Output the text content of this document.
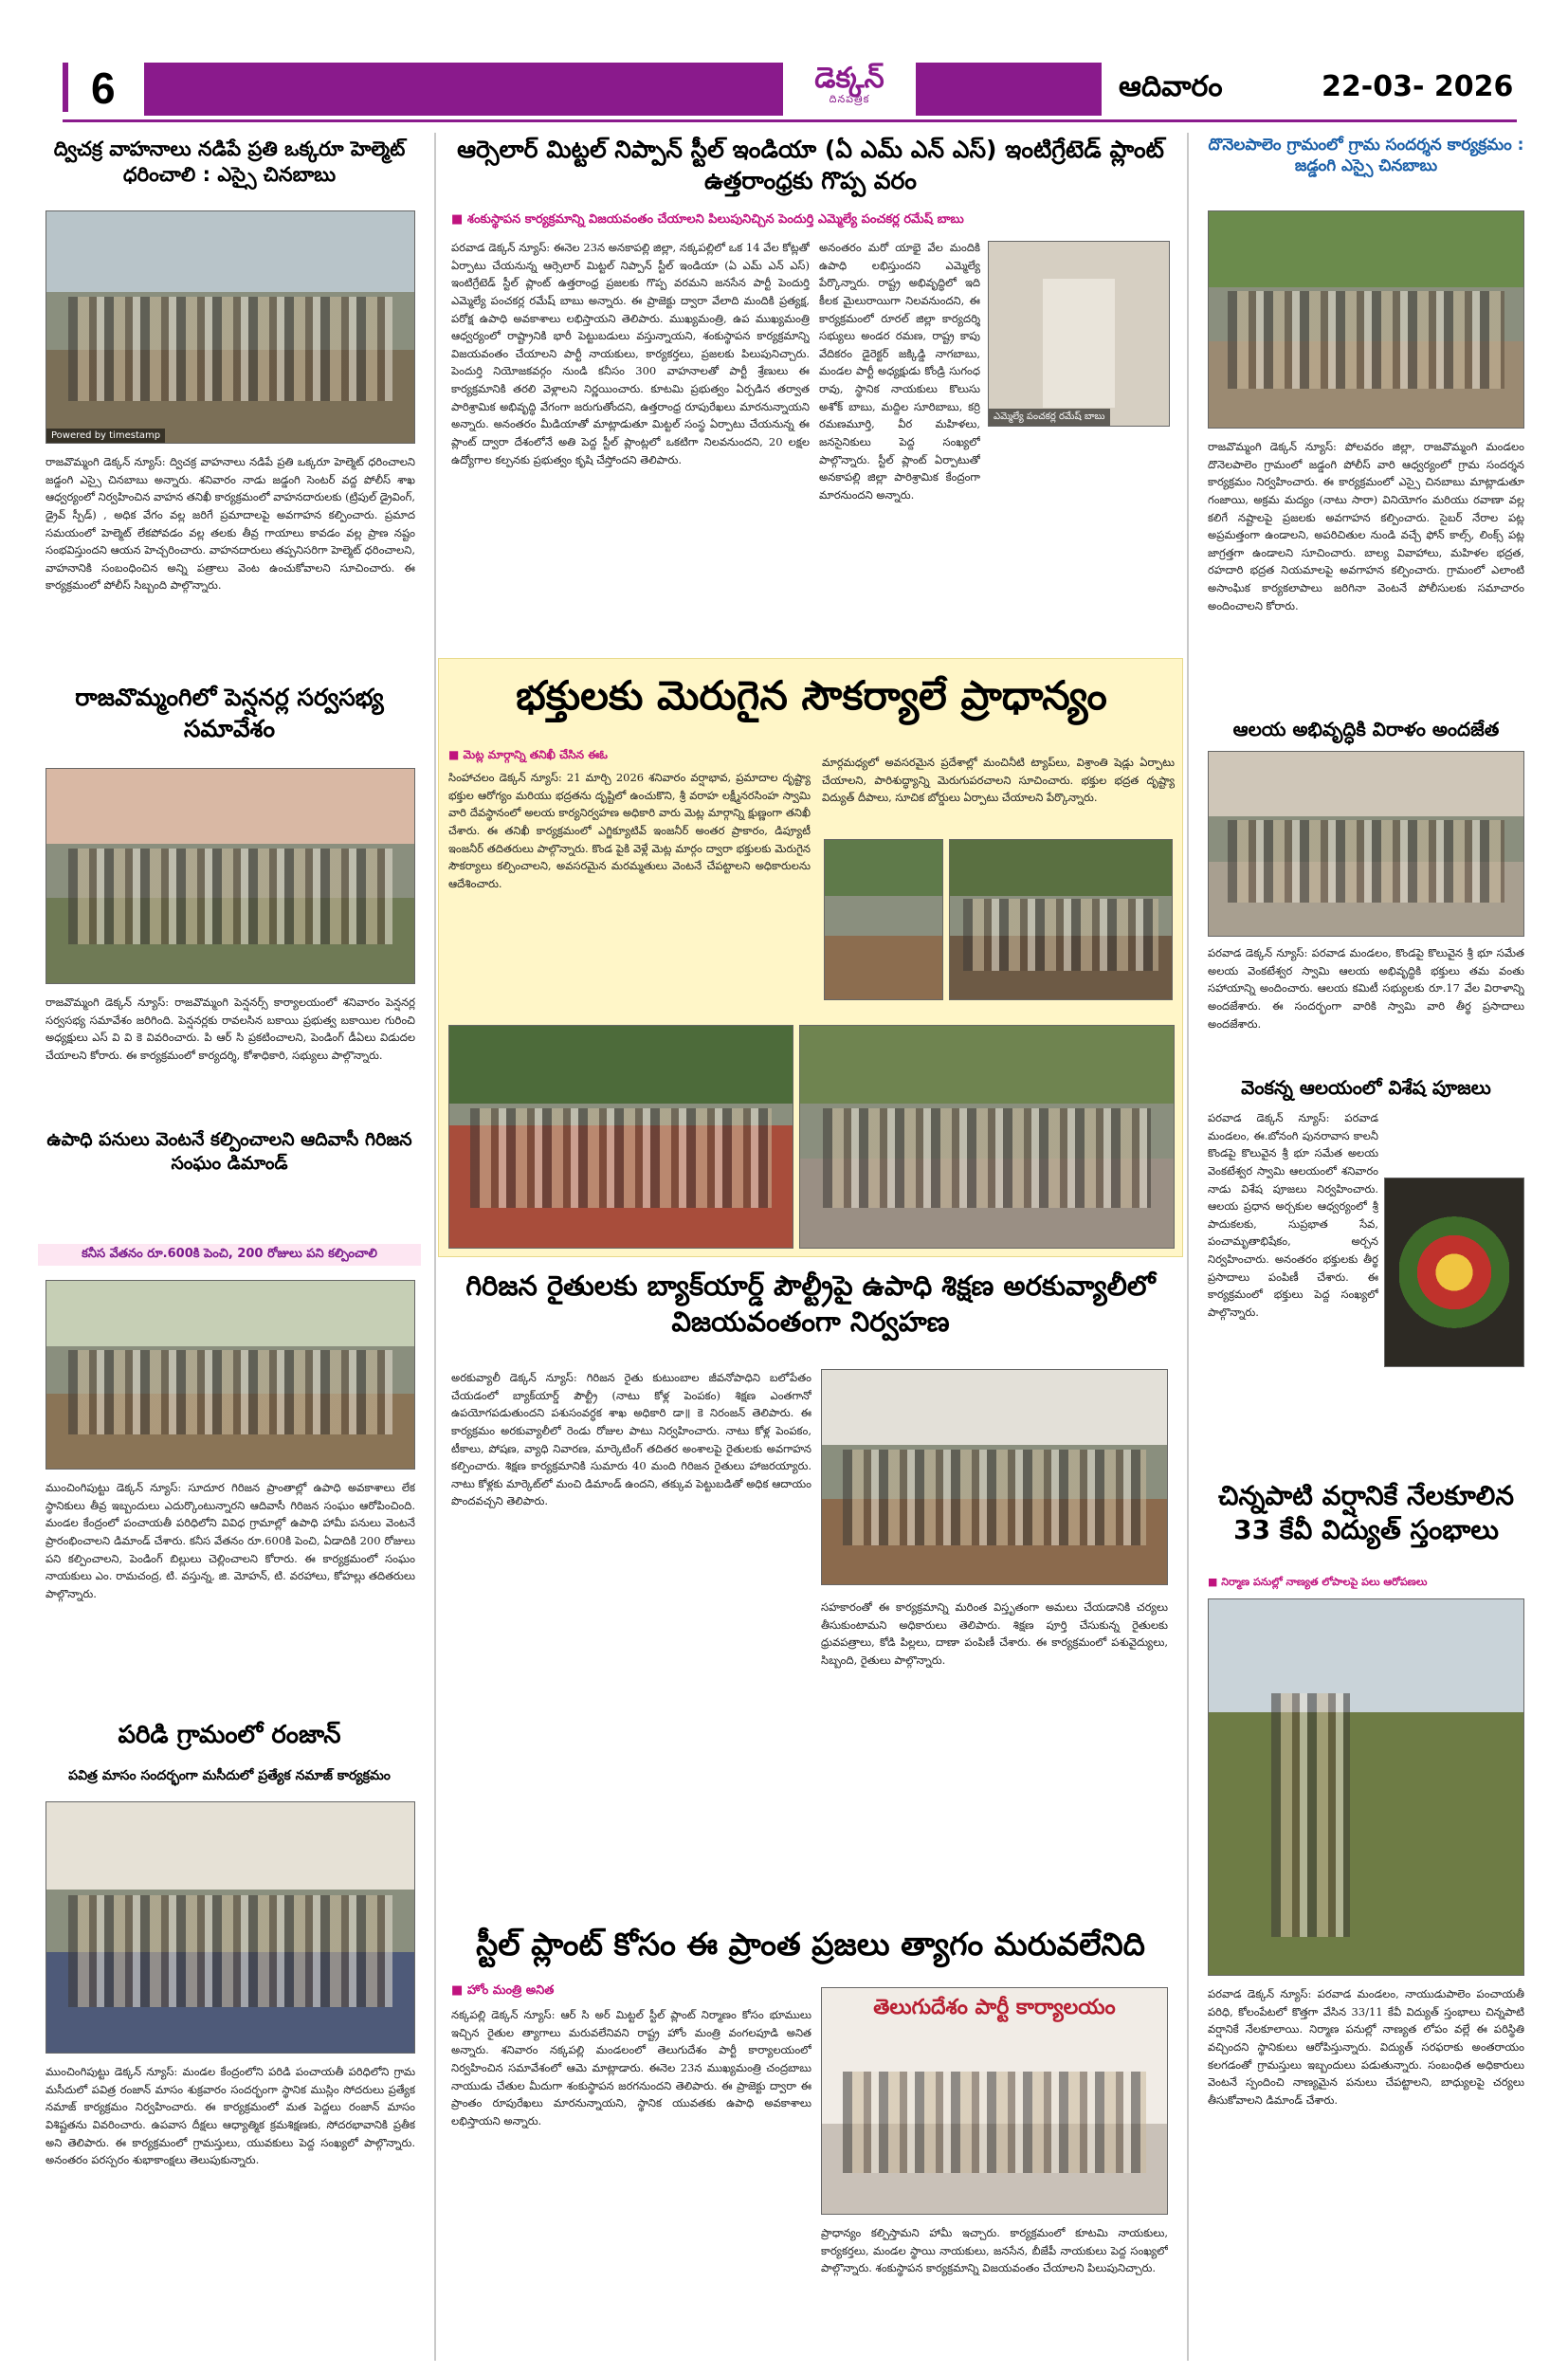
6	డెక్కన్
దినపత్రిక	ఆదివారం	22-03- 2026
ద్విచక్ర వాహనాలు నడిపే ప్రతి ఒక్కరూ హెల్మెట్ ధరించాలి : ఎస్సై చినబాబు
Powered by timestamp
రాజవొమ్మంగి డెక్కన్ న్యూస్: ద్విచక్ర వాహనాలు నడిపే ప్రతి ఒక్కరూ హెల్మెట్ ధరించాలని జడ్డంగి ఎస్సై చినబాబు అన్నారు. శనివారం నాడు జడ్డంగి సెంటర్ వద్ద పోలీస్ శాఖ ఆధ్వర్యంలో నిర్వహించిన వాహన తనిఖీ కార్యక్రమంలో వాహనదారులకు (ట్రిపుల్ డ్రైవింగ్, డ్రైవ్ స్పీడ్) , అధిక వేగం వల్ల జరిగే ప్రమాదాలపై అవగాహన కల్పించారు. ప్రమాద సమయంలో హెల్మెట్ లేకపోవడం వల్ల తలకు తీవ్ర గాయాలు కావడం వల్ల ప్రాణ నష్టం సంభవిస్తుందని ఆయన హెచ్చరించారు. వాహనదారులు తప్పనిసరిగా హెల్మెట్ ధరించాలని, వాహనానికి సంబంధించిన అన్ని పత్రాలు వెంట ఉంచుకోవాలని సూచించారు. ఈ కార్యక్రమంలో పోలీస్ సిబ్బంది పాల్గొన్నారు.
రాజవొమ్మంగిలో పెన్షనర్ల సర్వసభ్య సమావేశం
రాజవొమ్మంగి డెక్కన్ న్యూస్: రాజవొమ్మంగి పెన్షనర్స్ కార్యాలయంలో శనివారం పెన్షనర్ల సర్వసభ్య సమావేశం జరిగింది. పెన్షనర్లకు రావలసిన బకాయి ప్రభుత్వ బకాయిల గురించి అధ్యక్షులు ఎస్ వి వి కె వివరించారు. పి ఆర్ సి ప్రకటించాలని, పెండింగ్ డీఏలు విడుదల చేయాలని కోరారు. ఈ కార్యక్రమంలో కార్యదర్శి, కోశాధికారి, సభ్యులు పాల్గొన్నారు.
ఉపాధి పనులు వెంటనే కల్పించాలని ఆదివాసీ గిరిజన సంఘం డిమాండ్
కనీస వేతనం రూ.600కి పెంచి, 200 రోజులు పని కల్పించాలి
ముంచింగిపుట్టు డెక్కన్ న్యూస్: సూదూర గిరిజన ప్రాంతాల్లో ఉపాధి అవకాశాలు లేక స్థానికులు తీవ్ర ఇబ్బందులు ఎదుర్కొంటున్నారని ఆదివాసీ గిరిజన సంఘం ఆరోపించింది. మండల కేంద్రంలో పంచాయతీ పరిధిలోని వివిధ గ్రామాల్లో ఉపాధి హామీ పనులు వెంటనే ప్రారంభించాలని డిమాండ్ చేశారు. కనీస వేతనం రూ.600కి పెంచి, ఏడాదికి 200 రోజులు పని కల్పించాలని, పెండింగ్ బిల్లులు చెల్లించాలని కోరారు. ఈ కార్యక్రమంలో సంఘం నాయకులు ఎం. రామచంద్ర, టి. వస్తున్న, జి. మోహన్, టి. వరహాలు, కోహల్లు తదితరులు పాల్గొన్నారు.
పరిడి గ్రామంలో రంజాన్
పవిత్ర మాసం సందర్భంగా మసీదులో ప్రత్యేక నమాజ్ కార్యక్రమం
ముంచింగిపుట్టు డెక్కన్ న్యూస్: మండల కేంద్రంలోని పరిడి పంచాయతీ పరిధిలోని గ్రామ మసీదులో పవిత్ర రంజాన్ మాసం శుక్రవారం సందర్భంగా స్థానిక ముస్లిం సోదరులు ప్రత్యేక నమాజ్ కార్యక్రమం నిర్వహించారు. ఈ కార్యక్రమంలో మత పెద్దలు రంజాన్ మాసం విశిష్టతను వివరించారు. ఉపవాస దీక్షలు ఆధ్యాత్మిక క్రమశిక్షణకు, సోదరభావానికి ప్రతీక అని తెలిపారు. ఈ కార్యక్రమంలో గ్రామస్తులు, యువకులు పెద్ద సంఖ్యలో పాల్గొన్నారు. అనంతరం పరస్పరం శుభాకాంక్షలు తెలుపుకున్నారు.
ఆర్సెలార్ మిట్టల్ నిప్పాన్ స్టీల్ ఇండియా (ఏ ఎమ్ ఎన్ ఎస్) ఇంటిగ్రేటెడ్ ప్లాంట్ ఉత్తరాంధ్రకు గొప్ప వరం
■ శంకుస్థాపన కార్యక్రమాన్ని విజయవంతం చేయాలని పిలుపునిచ్చిన పెందుర్తి ఎమ్మెల్యే పంచకర్ల రమేష్ బాబు
పరవాడ డెక్కన్ న్యూస్: ఈనెల 23న అనకాపల్లి జిల్లా, నక్కపల్లిలో ఒక 14 వేల కోట్లతో ఏర్పాటు చేయనున్న ఆర్సెలార్ మిట్టల్ నిప్పాన్ స్టీల్ ఇండియా (ఏ ఎమ్ ఎన్ ఎస్) ఇంటిగ్రేటెడ్ స్టీల్ ప్లాంట్ ఉత్తరాంధ్ర ప్రజలకు గొప్ప వరమని జనసేన పార్టీ పెందుర్తి ఎమ్మెల్యే పంచకర్ల రమేష్ బాబు అన్నారు. ఈ ప్రాజెక్టు ద్వారా వేలాది మందికి ప్రత్యక్ష, పరోక్ష ఉపాధి అవకాశాలు లభిస్తాయని తెలిపారు. ముఖ్యమంత్రి, ఉప ముఖ్యమంత్రి ఆధ్వర్యంలో రాష్ట్రానికి భారీ పెట్టుబడులు వస్తున్నాయని, శంకుస్థాపన కార్యక్రమాన్ని విజయవంతం చేయాలని పార్టీ నాయకులు, కార్యకర్తలు, ప్రజలకు పిలుపునిచ్చారు. పెందుర్తి నియోజకవర్గం నుండి కనీసం 300 వాహనాలతో పార్టీ శ్రేణులు ఈ కార్యక్రమానికి తరలి వెళ్లాలని నిర్ణయించారు. కూటమి ప్రభుత్వం ఏర్పడిన తర్వాత పారిశ్రామిక అభివృద్ధి వేగంగా జరుగుతోందని, ఉత్తరాంధ్ర రూపురేఖలు మారనున్నాయని అన్నారు. అనంతరం మీడియాతో మాట్లాడుతూ మిట్టల్ సంస్థ ఏర్పాటు చేయనున్న ఈ ప్లాంట్ ద్వారా దేశంలోనే అతి పెద్ద స్టీల్ ప్లాంట్లలో ఒకటిగా నిలవనుందని, 20 లక్షల ఉద్యోగాల కల్పనకు ప్రభుత్వం కృషి చేస్తోందని తెలిపారు.
అనంతరం మరో యాభై వేల మందికి ఉపాధి లభిస్తుందని ఎమ్మెల్యే పేర్కొన్నారు. రాష్ట్ర అభివృద్ధిలో ఇది కీలక మైలురాయిగా నిలవనుందని, ఈ కార్యక్రమంలో రూరల్ జిల్లా కార్యదర్శి సభ్యులు అండర రమణ, రాష్ట్ర కాపు వేదికరం డైరెక్టర్ జక్కిడ్డి నాగబాబు, మండల పార్టీ అధ్యక్షుడు కోండ్రి సుగంధ రావు, స్థానిక నాయకులు కొలుసు అశోక్ బాబు, మద్దిల సూరిబాబు, కర్రి రమణమూర్తి, వీర మహిళలు, జనసైనికులు పెద్ద సంఖ్యలో పాల్గొన్నారు. స్టీల్ ప్లాంట్ ఏర్పాటుతో అనకాపల్లి జిల్లా పారిశ్రామిక కేంద్రంగా మారనుందని అన్నారు.
ఎమ్మెల్యే పంచకర్ల రమేష్ బాబు
భక్తులకు మెరుగైన సౌకర్యాలే ప్రాధాన్యం
■ మెట్ల మార్గాన్ని తనిఖీ చేసిన ఈఓ
సింహాచలం డెక్కన్ న్యూస్: 21 మార్చి 2026 శనివారం వర్షాభావ, ప్రమాదాల దృష్ట్యా భక్తుల ఆరోగ్యం మరియు భద్రతను దృష్టిలో ఉంచుకొని, శ్రీ వరాహ లక్ష్మీనరసింహ స్వామి వారి దేవస్థానంలో అలయ కార్యనిర్వహణ అధికారి వారు మెట్ల మార్గాన్ని క్షుణ్ణంగా తనిఖీ చేశారు. ఈ తనిఖీ కార్యక్రమంలో ఎగ్జిక్యూటివ్ ఇంజనీర్ అంతర ప్రాకారం, డిప్యూటీ ఇంజనీర్ తదితరులు పాల్గొన్నారు. కొండ పైకి వెళ్లే మెట్ల మార్గం ద్వారా భక్తులకు మెరుగైన సౌకర్యాలు కల్పించాలని, అవసరమైన మరమ్మతులు వెంటనే చేపట్టాలని అధికారులను ఆదేశించారు.
మార్గమధ్యలో అవసరమైన ప్రదేశాల్లో మంచినీటి ట్యాప్‌లు, విశ్రాంతి షెడ్లు ఏర్పాటు చేయాలని, పారిశుద్ధ్యాన్ని మెరుగుపరచాలని సూచించారు. భక్తుల భద్రత దృష్ట్యా విద్యుత్ దీపాలు, సూచిక బోర్డులు ఏర్పాటు చేయాలని పేర్కొన్నారు.
గిరిజన రైతులకు బ్యాక్‌యార్డ్ పౌల్ట్రీపై ఉపాధి శిక్షణ అరకువ్యాలీలో విజయవంతంగా నిర్వహణ
అరకువ్యాలీ డెక్కన్ న్యూస్: గిరిజన రైతు కుటుంబాల జీవనోపాధిని బలోపేతం చేయడంలో బ్యాక్‌యార్డ్ పౌల్ట్రీ (నాటు కోళ్ల పెంపకం) శిక్షణ ఎంతగానో ఉపయోగపడుతుందని పశుసంవర్ధక శాఖ అధికారి డా॥ కె నిరంజన్ తెలిపారు. ఈ కార్యక్రమం అరకువ్యాలీలో రెండు రోజుల పాటు నిర్వహించారు. నాటు కోళ్ల పెంపకం, టీకాలు, పోషణ, వ్యాధి నివారణ, మార్కెటింగ్ తదితర అంశాలపై రైతులకు అవగాహన కల్పించారు. శిక్షణ కార్యక్రమానికి సుమారు 40 మంది గిరిజన రైతులు హాజరయ్యారు. నాటు కోళ్లకు మార్కెట్‌లో మంచి డిమాండ్ ఉందని, తక్కువ పెట్టుబడితో అధిక ఆదాయం పొందవచ్చని తెలిపారు.
సహకారంతో ఈ కార్యక్రమాన్ని మరింత విస్తృతంగా అమలు చేయడానికి చర్యలు తీసుకుంటామని అధికారులు తెలిపారు. శిక్షణ పూర్తి చేసుకున్న రైతులకు ధ్రువపత్రాలు, కోడి పిల్లలు, దాణా పంపిణీ చేశారు. ఈ కార్యక్రమంలో పశువైద్యులు, సిబ్బంది, రైతులు పాల్గొన్నారు.
స్టీల్ ప్లాంట్ కోసం ఈ ప్రాంత ప్రజలు త్యాగం మరువలేనిది
■ హోం మంత్రి అనిత
నక్కపల్లి డెక్కన్ న్యూస్: ఆర్ సి అర్ మిట్టల్ స్టీల్ ప్లాంట్ నిర్మాణం కోసం భూములు ఇచ్చిన రైతుల త్యాగాలు మరువలేనివని రాష్ట్ర హోం మంత్రి వంగలపూడి అనిత అన్నారు. శనివారం నక్కపల్లి మండలంలో తెలుగుదేశం పార్టీ కార్యాలయంలో నిర్వహించిన సమావేశంలో ఆమె మాట్లాడారు. ఈనెల 23న ముఖ్యమంత్రి చంద్రబాబు నాయుడు చేతుల మీదుగా శంకుస్థాపన జరగనుందని తెలిపారు. ఈ ప్రాజెక్టు ద్వారా ఈ ప్రాంతం రూపురేఖలు మారనున్నాయని, స్థానిక యువతకు ఉపాధి అవకాశాలు లభిస్తాయని అన్నారు.
తెలుగుదేశం పార్టీ కార్యాలయం
ప్రాధాన్యం కల్పిస్తామని హామీ ఇచ్చారు. కార్యక్రమంలో కూటమి నాయకులు, కార్యకర్తలు, మండల స్థాయి నాయకులు, జనసేన, బీజేపీ నాయకులు పెద్ద సంఖ్యలో పాల్గొన్నారు. శంకుస్థాపన కార్యక్రమాన్ని విజయవంతం చేయాలని పిలుపునిచ్చారు.
దొనెలపాలెం గ్రామంలో గ్రామ సందర్శన కార్యక్రమం : జడ్డంగి ఎస్సై చినబాబు
రాజవొమ్మంగి డెక్కన్ న్యూస్: పోలవరం జిల్లా, రాజవొమ్మంగి మండలం దొనెలపాలెం గ్రామంలో జడ్డంగి పోలీస్ వారి ఆధ్వర్యంలో గ్రామ సందర్శన కార్యక్రమం నిర్వహించారు. ఈ కార్యక్రమంలో ఎస్సై చినబాబు మాట్లాడుతూ గంజాయి, అక్రమ మద్యం (నాటు సారా) వినియోగం మరియు రవాణా వల్ల కలిగే నష్టాలపై ప్రజలకు అవగాహన కల్పించారు. సైబర్ నేరాల పట్ల అప్రమత్తంగా ఉండాలని, అపరిచితుల నుండి వచ్చే ఫోన్ కాల్స్, లింక్స్ పట్ల జాగ్రత్తగా ఉండాలని సూచించారు. బాల్య వివాహాలు, మహిళల భద్రత, రహదారి భద్రత నియమాలపై అవగాహన కల్పించారు. గ్రామంలో ఎలాంటి అసాంఘిక కార్యకలాపాలు జరిగినా వెంటనే పోలీసులకు సమాచారం అందించాలని కోరారు.
ఆలయ అభివృద్ధికి విరాళం అందజేత
పరవాడ డెక్కన్ న్యూస్: పరవాడ మండలం, కొండపై కొలువైన శ్రీ భూ సమేత అలయ వెంకటేశ్వర స్వామి ఆలయ అభివృద్ధికి భక్తులు తమ వంతు సహాయాన్ని అందించారు. ఆలయ కమిటీ సభ్యులకు రూ.17 వేల విరాళాన్ని అందజేశారు. ఈ సందర్భంగా వారికి స్వామి వారి తీర్థ ప్రసాదాలు అందజేశారు.
వెంకన్న ఆలయంలో విశేష పూజలు
పరవాడ డెక్కన్ న్యూస్: పరవాడ మండలం, ఈ.బోనంగి పునరావాస కాలనీ కొండపై కొలువైన శ్రీ భూ సమేత అలయ వెంకటేశ్వర స్వామి ఆలయంలో శనివారం నాడు విశేష పూజలు నిర్వహించారు. ఆలయ ప్రధాన అర్చకుల ఆధ్వర్యంలో శ్రీ పాదుకలకు, సుప్రభాత సేవ, పంచామృతాభిషేకం, అర్చన నిర్వహించారు. అనంతరం భక్తులకు తీర్థ ప్రసాదాలు పంపిణీ చేశారు. ఈ కార్యక్రమంలో భక్తులు పెద్ద సంఖ్యలో పాల్గొన్నారు.
చిన్నపాటి వర్షానికే నేలకూలిన 33 కేవీ విద్యుత్ స్తంభాలు
■ నిర్మాణ పనుల్లో నాణ్యత లోపాలపై పలు ఆరోపణలు
పరవాడ డెక్కన్ న్యూస్: పరవాడ మండలం, నాయుడుపాలెం పంచాయతీ పరిధి, కోలంపేటలో కొత్తగా వేసిన 33/11 కేవీ విద్యుత్ స్తంభాలు చిన్నపాటి వర్షానికే నేలకూలాయి. నిర్మాణ పనుల్లో నాణ్యత లోపం వల్లే ఈ పరిస్థితి వచ్చిందని స్థానికులు ఆరోపిస్తున్నారు. విద్యుత్ సరఫరాకు అంతరాయం కలగడంతో గ్రామస్తులు ఇబ్బందులు పడుతున్నారు. సంబంధిత అధికారులు వెంటనే స్పందించి నాణ్యమైన పనులు చేపట్టాలని, బాధ్యులపై చర్యలు తీసుకోవాలని డిమాండ్ చేశారు.
